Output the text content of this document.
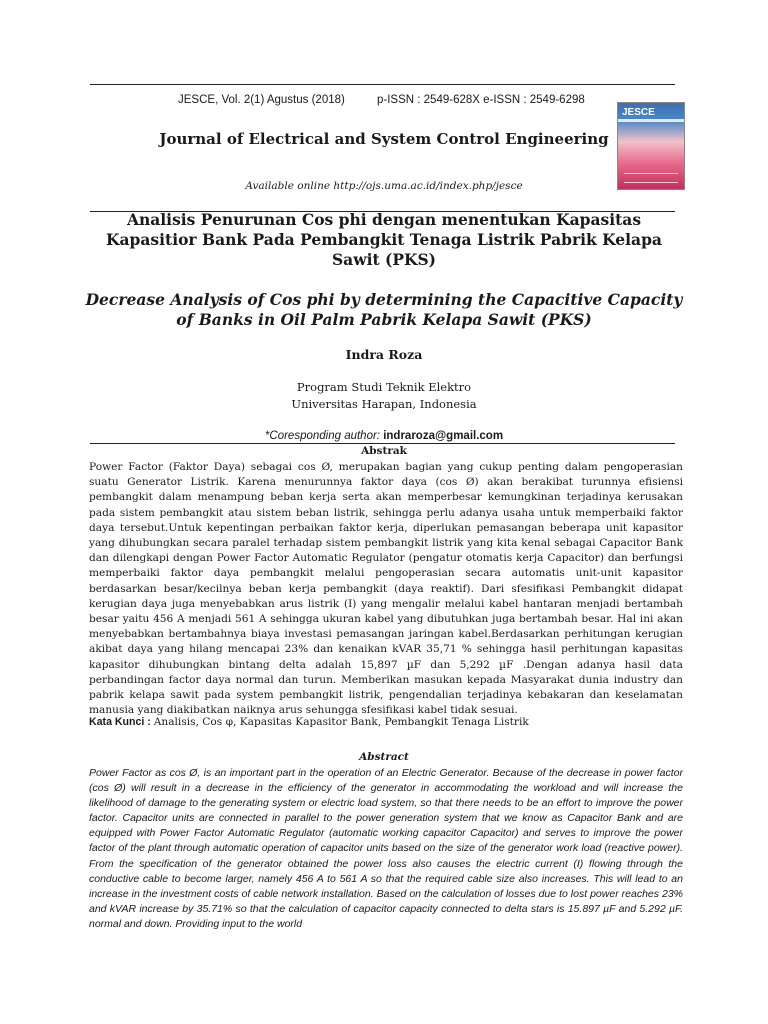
JESCE, Vol. 2(1) Agustus (2018)	p-ISSN : 2549-628X e-ISSN : 2549-6298
Journal of Electrical and System Control Engineering
Available online http://ojs.uma.ac.id/index.php/jesce
JESCE
Analisis Penurunan Cos phi dengan menentukan Kapasitas Kapasitior Bank Pada Pembangkit Tenaga Listrik Pabrik Kelapa Sawit (PKS)
Decrease Analysis of Cos phi by determining the Capacitive Capacity of Banks in Oil Palm Pabrik Kelapa Sawit (PKS)
Indra Roza
Program Studi Teknik Elektro
Universitas Harapan, Indonesia
*Coresponding author: indraroza@gmail.com
Abstrak
Power Factor (Faktor Daya) sebagai cos Ø, merupakan bagian yang cukup penting dalam pengoperasian suatu Generator Listrik. Karena menurunnya faktor daya (cos Ø) akan berakibat turunnya efisiensi pembangkit dalam menampung beban kerja serta akan memperbesar kemungkinan terjadinya kerusakan pada sistem pembangkit atau sistem beban listrik, sehingga perlu adanya usaha untuk memperbaiki faktor daya tersebut.Untuk kepentingan perbaikan faktor kerja, diperlukan pemasangan beberapa unit kapasitor yang dihubungkan secara paralel terhadap sistem pembangkit listrik yang kita kenal sebagai Capacitor Bank dan dilengkapi dengan Power Factor Automatic Regulator (pengatur otomatis kerja Capacitor) dan berfungsi memperbaiki faktor daya pembangkit melalui pengoperasian secara automatis unit-unit kapasitor berdasarkan besar/kecilnya beban kerja pembangkit (daya reaktif). Dari sfesifikasi Pembangkit didapat kerugian daya juga menyebabkan arus listrik (I) yang mengalir melalui kabel hantaran menjadi bertambah besar yaitu 456 A menjadi 561 A sehingga ukuran kabel yang dibutuhkan juga bertambah besar. Hal ini akan menyebabkan bertambahnya biaya investasi pemasangan jaringan kabel.Berdasarkan perhitungan kerugian akibat daya yang hilang mencapai 23% dan kenaikan kVAR 35,71 % sehingga hasil perhitungan kapasitas kapasitor dihubungkan bintang delta adalah 15,897 µF dan 5,292 µF .Dengan adanya hasil data perbandingan factor daya normal dan turun. Memberikan masukan kepada Masyarakat dunia industry dan pabrik kelapa sawit pada system pembangkit listrik, pengendalian terjadinya kebakaran dan keselamatan manusia yang diakibatkan naiknya arus sehungga sfesifikasi kabel tidak sesuai.
Kata Kunci : Analisis, Cos φ, Kapasitas Kapasitor Bank, Pembangkit Tenaga Listrik
Abstract
Power Factor as cos Ø, is an important part in the operation of an Electric Generator. Because of the decrease in power factor (cos Ø) will result in a decrease in the efficiency of the generator in accommodating the workload and will increase the likelihood of damage to the generating system or electric load system, so that there needs to be an effort to improve the power factor. Capacitor units are connected in parallel to the power generation system that we know as Capacitor Bank and are equipped with Power Factor Automatic Regulator (automatic working capacitor Capacitor) and serves to improve the power factor of the plant through automatic operation of capacitor units based on the size of the generator work load (reactive power). From the specification of the generator obtained the power loss also causes the electric current (I) flowing through the conductive cable to become larger, namely 456 A to 561 A so that the required cable size also increases. This will lead to an increase in the investment costs of cable network installation. Based on the calculation of losses due to lost power reaches 23% and kVAR increase by 35.71% so that the calculation of capacitor capacity connected to delta stars is 15.897 µF and 5.292 µF. normal and down. Providing input to the world
